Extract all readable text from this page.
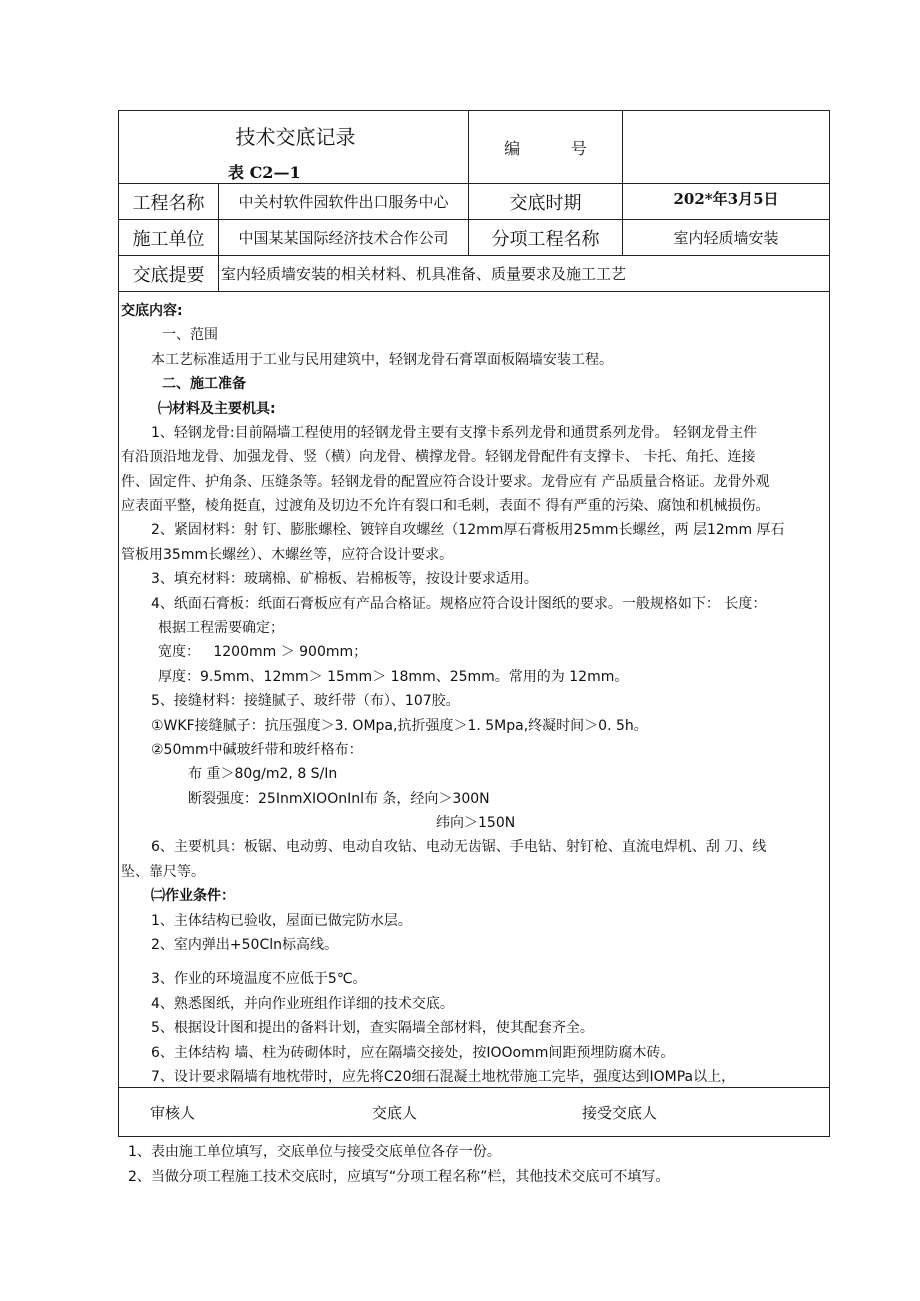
技术交底记录
表 C2—1
编          号
工程名称	中关村软件园软件出口服务中心	交底时期	202*年3月5日
施工单位	中国某某国际经济技术合作公司	分项工程名称	室内轻质墙安装
交底提要	室内轻质墙安装的相关材料、机具准备、质量要求及施工工艺
交底内容:
一、范围
本工艺标准适用于工业与民用建筑中，轻钢龙骨石膏罩面板隔墙安装工程。
二、施工准备
㈠材料及主要机具:
1、轻钢龙骨:目前隔墙工程使用的轻钢龙骨主要有支撑卡系列龙骨和通贯系列龙骨。 轻钢龙骨主件
有沿顶沿地龙骨、加强龙骨、竖（横）向龙骨、横撑龙骨。轻钢龙骨配件有支撑卡、 卡托、角托、连接
件、固定件、护角条、压缝条等。轻钢龙骨的配置应符合设计要求。龙骨应有 产品质量合格证。龙骨外观
应表面平整，棱角挺直，过渡角及切边不允许有裂口和毛刺，表面不 得有严重的污染、腐蚀和机械损伤。
2、紧固材料：射 钉、膨胀螺栓、镀锌自攻螺丝（12mm厚石膏板用25mm长螺丝，两 层12mm 厚石
管板用35mm长螺丝）、木螺丝等，应符合设计要求。
3、填充材料：玻璃棉、矿棉板、岩棉板等，按设计要求适用。
4、纸面石膏板：纸面石膏板应有产品合格证。规格应符合设计图纸的要求。一般规格如下： 长度：
根据工程需要确定；
宽度：   1200mm ＞ 900mm；
厚度：9.5mm、12mm＞ 15mm＞ 18mm、25mm。常用的为 12mm。
5、接缝材料：接缝腻子、玻纤带（布）、107胶。
①WKF接缝腻子：抗压强度＞3. OMpa,抗折强度＞1. 5Mpa,终凝时间＞0. 5h。
②50mm中碱玻纤带和玻纤格布：
布 重＞80g∕m2, 8 S/In
断裂强度：25InmXIOOnInl布 条，经向＞300N
纬向＞150N
6、主要机具：板锯、电动剪、电动自攻钻、电动无齿锯、手电钻、射钉枪、直流电焊机、刮 刀、线
坠、靠尺等。
㈡作业条件：
1、主体结构已验收，屋面已做完防水层。
2、室内弹出+50Cln标高线。
3、作业的环境温度不应低于5℃。
4、熟悉图纸，并向作业班组作详细的技术交底。
5、根据设计图和提出的备料计划，查实隔墙全部材料，使其配套齐全。
6、主体结构 墙、柱为砖砌体时，应在隔墙交接处，按IOOomm间距预埋防腐木砖。
7、设计要求隔墙有地枕带时，应先将C20细石混凝土地枕带施工完毕，强度达到IOMPa以上，
审核人	交底人	接受交底人
1、表由施工单位填写，交底单位与接受交底单位各存一份。
2、当做分项工程施工技术交底时，应填写“分项工程名称”栏，其他技术交底可不填写。
